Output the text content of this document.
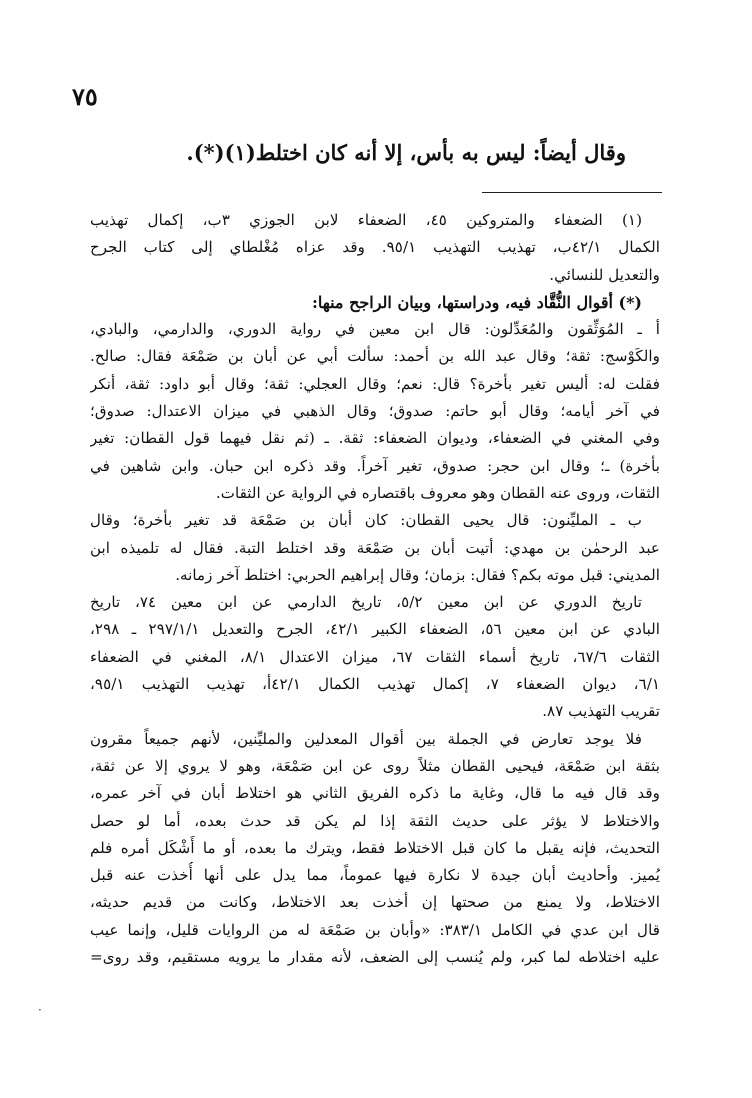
٧٥
وقال أيضاً: ليس به بأس، إلا أنه كان اختلط(١)(*).
(١) الضعفاء والمتروكين ٤٥، الضعفاء لابن الجوزي ٣ب، إكمال تهذيب
الكمال ٤٢/١ب، تهذيب التهذيب ٩٥/١. وقد عزاه مُغْلطاي إلى كتاب الجرح
والتعديل للنسائي.
(*) أقوال النُّقَّاد فيه، ودراستها، وبيان الراجح منها:
أ ـ المُوَثِّقون والمُعَدِّلون: قال ابن معين في رواية الدوري، والدارمي، والبادي،
والكَوْسج: ثقة؛ وقال عبد الله بن أحمد: سألت أبي عن أبان بن صَمْعَة فقال: صالح.
فقلت له: أليس تغير بأخرة؟ قال: نعم؛ وقال العجلي: ثقة؛ وقال أبو داود: ثقة، أنكر
في آخر أيامه؛ وقال أبو حاتم: صدوق؛ وقال الذهبي في ميزان الاعتدال: صدوق؛
وفي المغني في الضعفاء، وديوان الضعفاء: ثقة. ـ (ثم نقل فيهما قول القطان: تغير
بأخرة) ـ؛ وقال ابن حجر: صدوق، تغير آخراً. وقد ذكره ابن حبان. وابن شاهين في
الثقات، وروى عنه القطان وهو معروف باقتصاره في الرواية عن الثقات.
ب ـ المليِّنون: قال يحيى القطان: كان أبان بن صَمْعَة قد تغير بأخرة؛ وقال
عبد الرحمٰن بن مهدي: أتيت أبان بن صَمْعَة وقد اختلط التبة. فقال له تلميذه ابن
المديني: قبل موته بكم؟ فقال: بزمان؛ وقال إبراهيم الحربي: اختلط آخر زمانه.
تاريخ الدوري عن ابن معين ٥/٢، تاريخ الدارمي عن ابن معين ٧٤، تاريخ
البادي عن ابن معين ٥٦، الضعفاء الكبير ٤٢/١، الجرح والتعديل ٢٩٧/١/١ ـ ٢٩٨،
الثقات ٦٧/٦، تاريخ أسماء الثقات ٦٧، ميزان الاعتدال ٨/١، المغني في الضعفاء
٦/١، ديوان الضعفاء ٧، إكمال تهذيب الكمال ٤٢/١أ، تهذيب التهذيب ٩٥/١،
تقريب التهذيب ٨٧.
فلا يوجد تعارض في الجملة بين أقوال المعدلين والمليِّنين، لأنهم جميعاً مقرون
بثقة ابن صَمْعَة، فيحيى القطان مثلاً روى عن ابن صَمْعَة، وهو لا يروي إلا عن ثقة،
وقد قال فيه ما قال، وغاية ما ذكره الفريق الثاني هو اختلاط أبان في آخر عمره،
والاختلاط لا يؤثر على حديث الثقة إذا لم يكن قد حدث بعده، أما لو حصل
التحديث، فإنه يقبل ما كان قبل الاختلاط فقط، ويترك ما بعده، أو ما أَشْكَل أمره فلم
يُميز. وأحاديث أبان جيدة لا نكارة فيها عموماً، مما يدل على أنها أُخذت عنه قبل
الاختلاط، ولا يمنع من صحتها إن أخذت بعد الاختلاط، وكانت من قديم حديثه،
قال ابن عدي في الكامل ٣٨٣/١: «وأبان بن صَمْعَة له من الروايات قليل، وإنما عيب
عليه اختلاطه لما كبر، ولم يُنسب إلى الضعف، لأنه مقدار ما يرويه مستقيم، وقد روى=
·
